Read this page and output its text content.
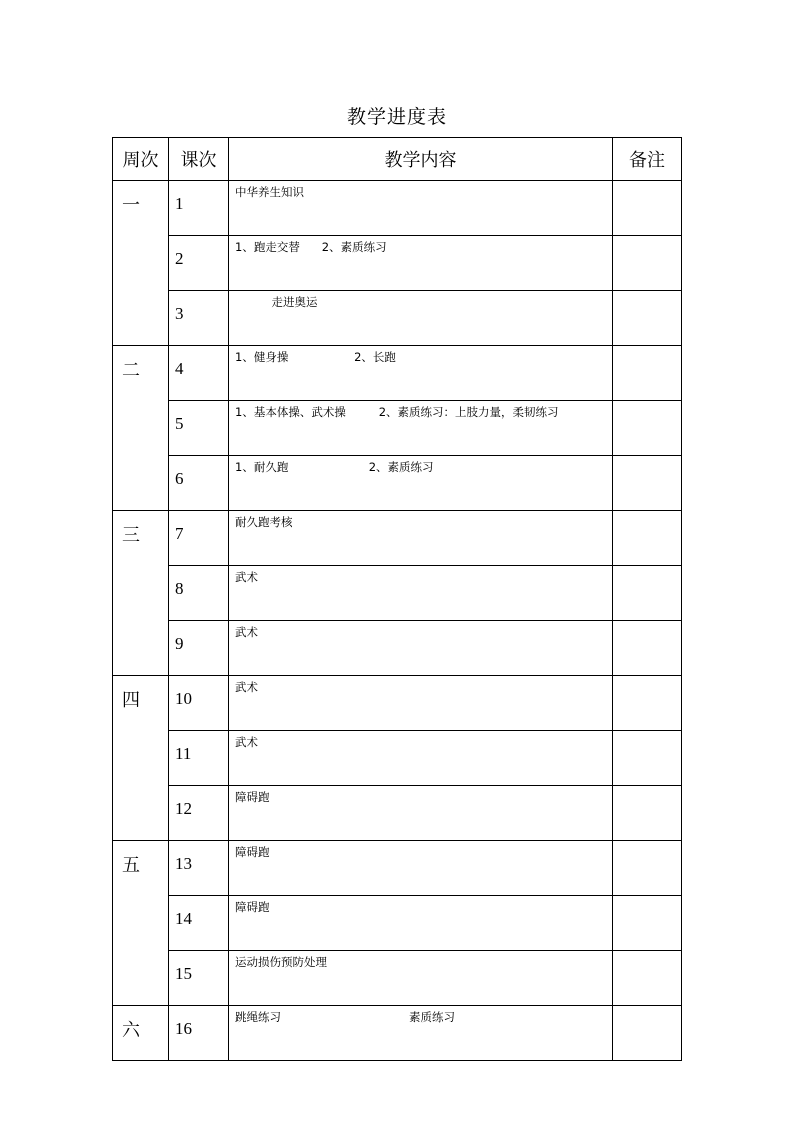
教学进度表
周次	课次	教学内容	备注
一	1	中华养生知识	
	2	1、跑走交替      2、素质练习	
	3	走进奥运	
二	4	1、健身操                  2、长跑	
	5	1、基本体操、武术操         2、素质练习：上肢力量，柔韧练习	
	6	1、耐久跑                      2、素质练习	
三	7	耐久跑考核	
	8	武术	
	9	武术	
四	10	武术	
	11	武术	
	12	障碍跑	
五	13	障碍跑	
	14	障碍跑	
	15	运动损伤预防处理	
六	16	跳绳练习                                   素质练习	
